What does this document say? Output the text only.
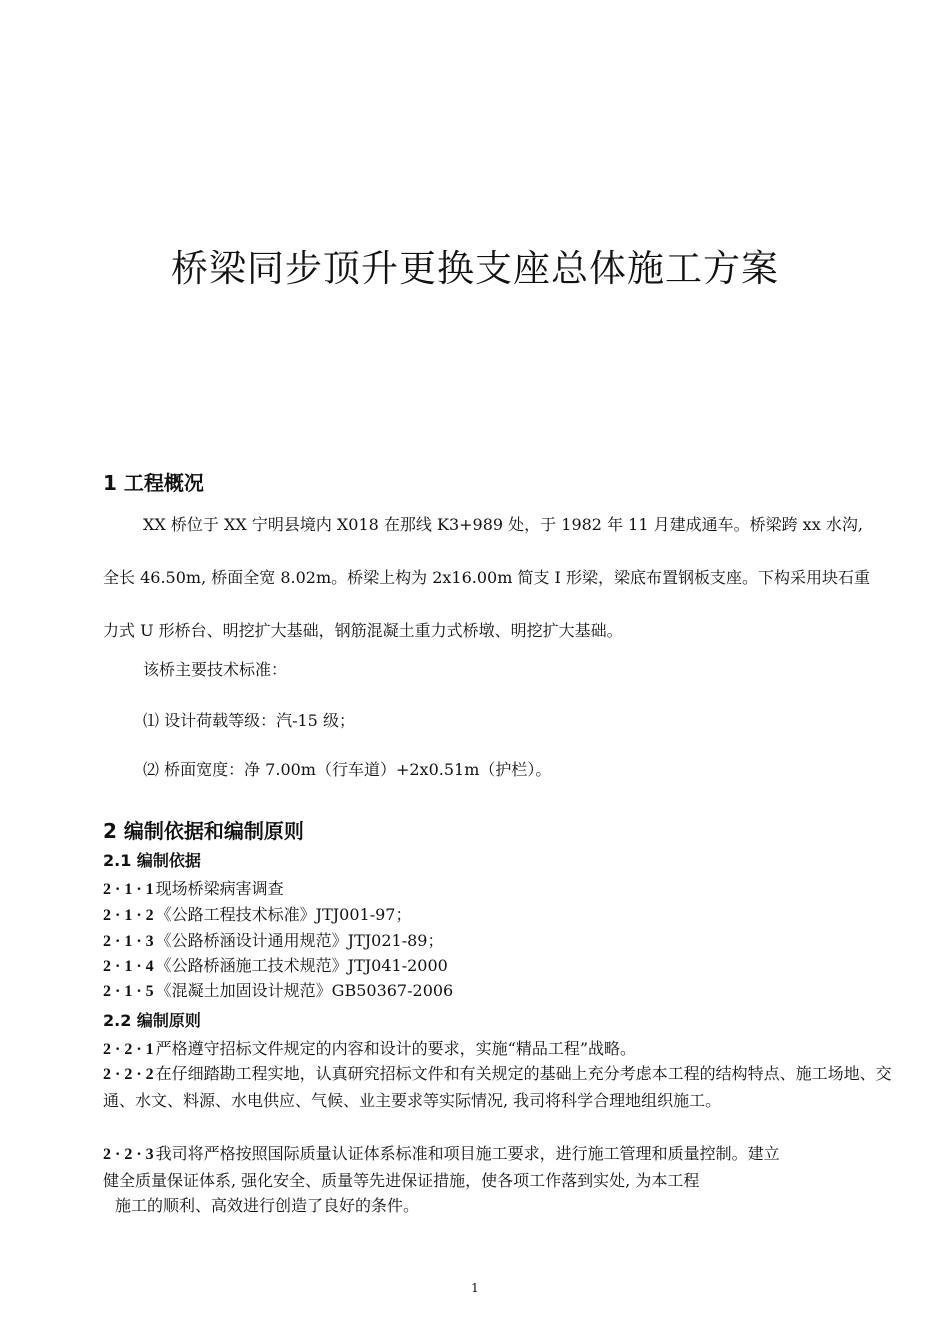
桥梁同步顶升更换支座总体施工方案
1 工程概况

XX 桥位于 XX 宁明县境内 X018 在那线 K3+989 处，于 1982 年 11 月建成通车。桥梁跨 xx 水沟, 全长 46.50m, 桥面全宽 8.02m。桥梁上构为 2x16.00m 简支 I 形梁，梁底布置钢板支座。下构采用块石重力式 U 形桥台、明挖扩大基础，钢筋混凝土重力式桥墩、明挖扩大基础。

该桥主要技术标准：
⑴ 设计荷载等级：汽-15 级；
⑵ 桥面宽度：净 7.00m（行车道）+2x0.51m（护栏）。
2 编制依据和编制原则
2.1 编制依据
2 · 1 · 1 现场桥梁病害调查
2 · 1 · 2 《公路工程技术标准》JTJ001-97；
2 · 1 · 3 《公路桥涵设计通用规范》JTJ021-89；
2 · 1 · 4 《公路桥涵施工技术规范》JTJ041-2000
2 · 1 · 5 《混凝土加固设计规范》GB50367-2006
2.2 编制原则

2 · 2 · 1 严格遵守招标文件规定的内容和设计的要求，实施“精品工程”战略。

2 · 2 · 2 在仔细踏勘工程实地，认真研究招标文件和有关规定的基础上充分考虑本工程的结构特点、施工场地、交通、水文、料源、水电供应、气候、业主要求等实际情况, 我司将科学合理地组织施工。

2 · 2 · 3 我司将严格按照国际质量认证体系标准和项目施工要求，进行施工管理和质量控制。建立健全质量保证体系, 强化安全、质量等先进保证措施，使各项工作落到实处, 为本工程

施工的顺利、高效进行创造了良好的条件。

1
